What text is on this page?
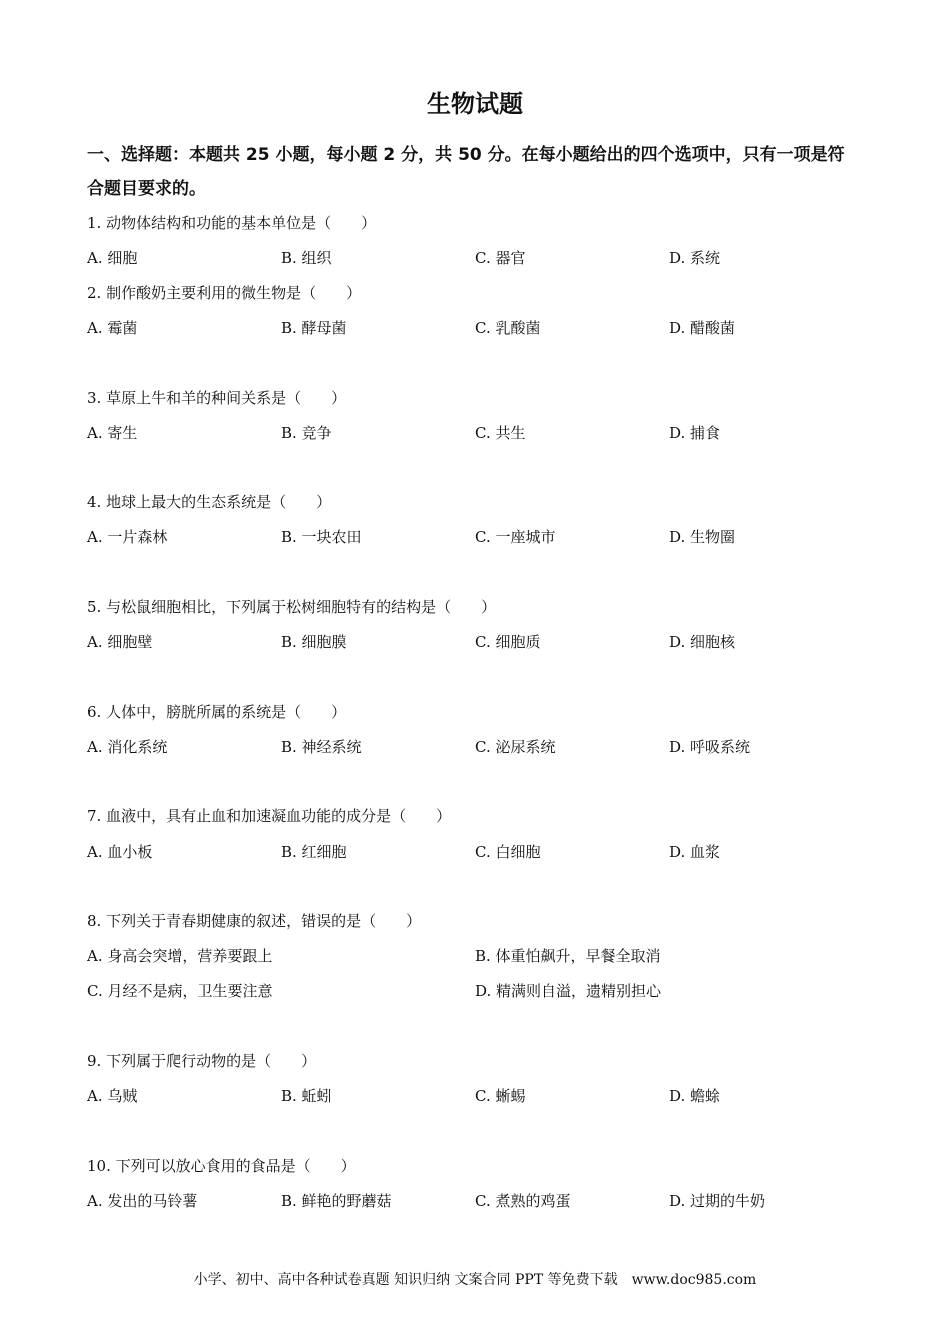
生物试题
一、选择题：本题共 25 小题，每小题 2 分，共 50 分。在每小题给出的四个选项中，只有一项是符合题目要求的。
1. 动物体结构和功能的基本单位是（　　）
A. 细胞	B. 组织	C. 器官	D. 系统
2. 制作酸奶主要利用的微生物是（　　）
A. 霉菌	B. 酵母菌	C. 乳酸菌	D. 醋酸菌
3. 草原上牛和羊的种间关系是（　　）
A. 寄生	B. 竞争	C. 共生	D. 捕食
4. 地球上最大的生态系统是（　　）
A. 一片森林	B. 一块农田	C. 一座城市	D. 生物圈
5. 与松鼠细胞相比，下列属于松树细胞特有的结构是（　　）
A. 细胞壁	B. 细胞膜	C. 细胞质	D. 细胞核
6. 人体中，膀胱所属的系统是（　　）
A. 消化系统	B. 神经系统	C. 泌尿系统	D. 呼吸系统
7. 血液中，具有止血和加速凝血功能的成分是（　　）
A. 血小板	B. 红细胞	C. 白细胞	D. 血浆
8. 下列关于青春期健康的叙述，错误的是（　　）
A. 身高会突增，营养要跟上	B. 体重怕飙升，早餐全取消
C. 月经不是病，卫生要注意	D. 精满则自溢，遗精别担心
9. 下列属于爬行动物的是（　　）
A. 乌贼	B. 蚯蚓	C. 蜥蜴	D. 蟾蜍
10. 下列可以放心食用的食品是（　　）
A. 发出的马铃薯	B. 鲜艳的野蘑菇	C. 煮熟的鸡蛋	D. 过期的牛奶
小学、初中、高中各种试卷真题 知识归纳 文案合同 PPT 等免费下载　www.doc985.com
